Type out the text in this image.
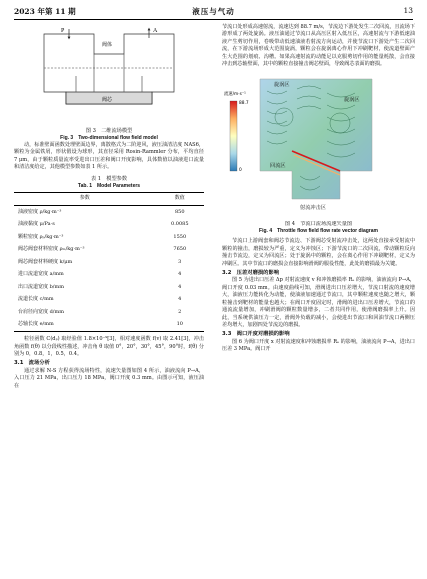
2023 年第 11 期	液压与气动	13
P	A
阀芯
阀体

图 3　二维流场模型

Fig. 3　Two-dimensional flow field model

动，标准壁面函数处理壁面边界，离散格式为二阶迎风，液压油清洁度 NAS6，颗粒为金属铁屑，形状假设为球形，其直径采用 Rosin-Rammler 分布，平均直径 7 μm，由于颗粒质量流率受进出口压差和阀口开度影响，具体数值以油液进口流量和清洁度给定，其他模型参数如表 1 所示。

表 1　模型参数

Tab. 1　Model Parameters

参数	数值
油液密度 ρ/kg·m⁻³	850
油液黏度 μ/Pa·s	0.0085
颗粒密度 ρₚ/kg·m⁻³	1550
阀芯阀套材料密度 ρₘ/kg·m⁻³	7650
阀芯阀套材料硬度 k/μm	3
进口流道宽度 a/mm	4
出口流道宽度 b/mm	4
流道长度 c/mm	4
台肩径向宽度 d/mm	2
芯轴长度 e/mm	10

粒径函数 C(dₚ) 取经验值 1.8×10⁻⁹[3]，相对速度函数 f(v) 取 2.41[3]，冲击角函数 f(θ) 以分段线性描述，冲击角 θ 取值 0°，20°，30°，45°，90°时，f(θ) 分别为 0，0.8，1，0.5，0.4。

3.1　流场分析

通过求解 N-S 方程获得流场特性，流速矢量图如图 4 所示，油液流向 P→A，入口压力 21 MPa，出口压力 18 MPa，阀口开度 0.3 mm。由图示可知，液压油在

节流口处形成高速射流，流速达到 88.7 m/s，节流边下游处发生二次回流，且流场下游形成了两处旋涡。液压油通过节流口从高压区射入低压区，高速射流与下游低速油液产生剪切作用，卷吸带动低速油液若射流方向运动，并使节流口下游处产生二次回流，在下游流场形成大范围旋涡，颗粒会在旋涡离心作用下冲刷靶材，使流道壁面产生大范围的划痕、沟槽。如果高速射流的动能足以克服剪切作用的能量耗散，会直接冲击到芯轴壁面，其中的颗粒直接撞击阀芯壁面，导致阀芯表面的磨损。

旋涡区
回流区
旋涡区
射流冲击区
流速/m·s⁻¹
88.7
0

图 4　节流口流场流速矢量图

Fig. 4　Throttle flow field flow rate vector diagram

节流口上游阀套和阀芯节流边、下游阀芯受射流冲击处，这两处直接承受射流中颗粒的撞击，磨损较为严重，定义为冲蚀区；下游节流口的二次回流，带动颗粒反向撞击节流边，定义为回流区；处于旋涡中的颗粒，会在离心作用下冲刷靶材，定义为冲刷区。其中节流口的磨损会直接影响滑阀的服役性能，此处的磨损最为关键。

3.2　压差对磨损的影响

图 5 为进出口压差 Δp 对射流速度 v 和冲蚀磨损率 Rₑ 的影响，油液流向 P→A，阀口开度 0.03 mm。由速度曲线可知，滑阀进出口压差增大，节流口射流的速度增大，油液压力能转化为动能，使油液加速通过节流口，其中颗粒速度也随之增大，颗粒撞击到靶材的能量也越大；在阀口开度固定时，滑阀的进出口压差增大，节流口的通流流量增加，冲刷滑阀的颗粒数量增多，二者共同作用，使滑阀磨损率上升。因此，当系统供油压力一定，滑阀外负载的减小，会使进出节流口和回油节流口两侧压差均增大，加剧四处节流边的磨损。

3.3　阀口开度对磨损的影响

图 6 为阀口开度 x 对射流速度和冲蚀磨损率 Rₑ 的影响，油液流向 P→A，进出口压差 3 MPa。阀口开
